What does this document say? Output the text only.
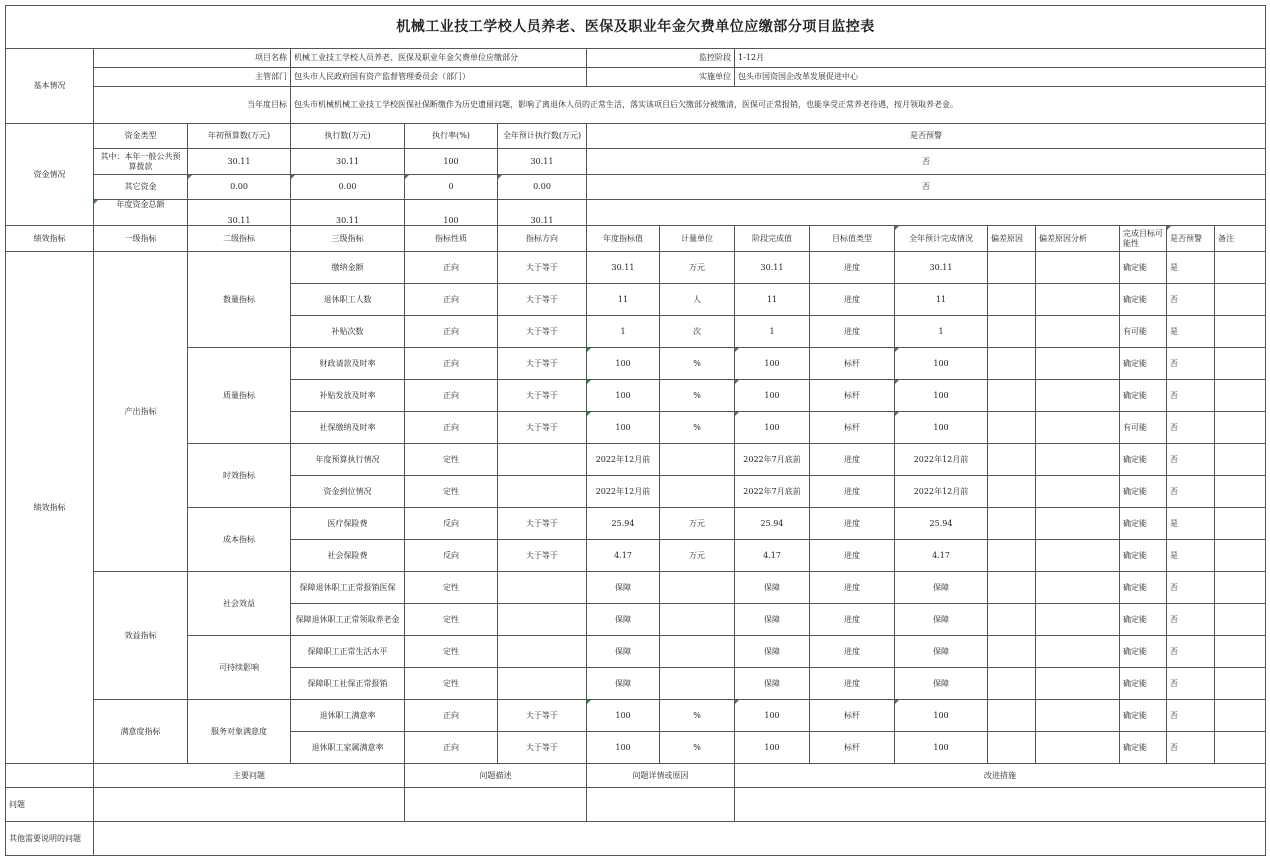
机械工业技工学校人员养老、医保及职业年金欠费单位应缴部分项目监控表															
基本情况	项目名称		机械工业技工学校人员养老、医保及职业年金欠费单位应缴部分			监控阶段		1-12月							
	主管部门		包头市人民政府国有资产监督管理委员会（部门）			实施单位		包头市国资国企改革发展促进中心							
	当年度目标		包头市机械机械工业技工学校医保社保断缴作为历史遗留问题，影响了离退休人员的正常生活，落实该项目后欠缴部分被缴清，医保可正常报销，也能享受正常养老待遇，按月领取养老金。												
资金情况	资金类型	年初预算数(万元)	执行数(万元)	执行率(%)	全年预计执行数(万元)	是否预警									
	其中：本年一般公共预算拨款	30.11	30.11	100	30.11	否									
	其它资金	0.00	0.00	0	0.00	否									
	年度资金总额	30.11	30.11	100	30.11										
绩效指标	一级指标	二级指标	三级指标	指标性质	指标方向	年度指标值	计量单位	阶段完成值	目标值类型	全年预计完成情况	偏差原因	偏差原因分析	完成目标可能性	是否预警	备注
绩效指标	产出指标	数量指标	缴纳金额	正向	大于等于	30.11	万元	30.11	进度	30.11			确定能	是	
			退休职工人数	正向	大于等于	11	人	11	进度	11			确定能	否	
			补贴次数	正向	大于等于	1	次	1	进度	1			有可能	是	
		质量指标	财政请款及时率	正向	大于等于	100	%	100	标杆	100			确定能	否	
			补贴发放及时率	正向	大于等于	100	%	100	标杆	100			确定能	否	
			社保缴纳及时率	正向	大于等于	100	%	100	标杆	100			有可能	否	
		时效指标	年度预算执行情况	定性		2022年12月前		2022年7月底前	进度	2022年12月前			确定能	否	
			资金到位情况	定性		2022年12月前		2022年7月底前	进度	2022年12月前			确定能	否	
		成本指标	医疗保险费	反向	大于等于	25.94	万元	25.94	进度	25.94			确定能	是	
			社会保险费	反向	大于等于	4.17	万元	4.17	进度	4.17			确定能	是	
	效益指标	社会效益	保障退休职工正常报销医保	定性		保障		保障	进度	保障			确定能	否	
			保障退休职工正常领取养老金	定性		保障		保障	进度	保障			确定能	否	
		可持续影响	保障职工正常生活水平	定性		保障		保障	进度	保障			确定能	否	
			保障职工社保正常报销	定性		保障		保障	进度	保障			确定能	否	
	满意度指标	服务对象满意度	退休职工满意率	正向	大于等于	100	%	100	标杆	100			确定能	否	
			退休职工家属满意率	正向	大于等于	100	%	100	标杆	100			确定能	否	
	主要问题			问题描述		问题详情或原因		改进措施							
问题															
其他需要说明的问题															
